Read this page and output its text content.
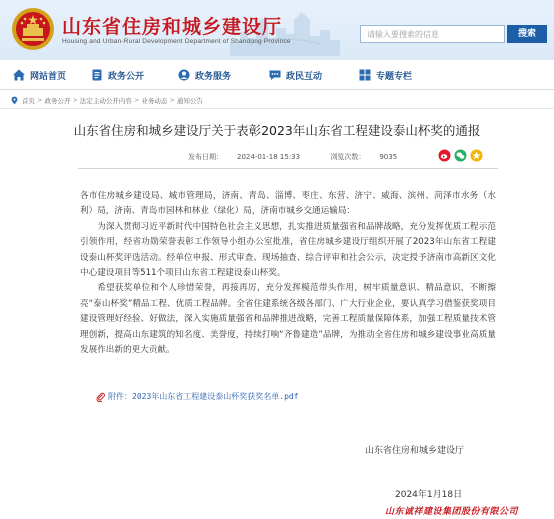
山东省住房和城乡建设厅
Housing and Urban-Rural Development Department of Shandong Province
请输入要搜索的信息	搜索
网站首页	政务公开	政务服务	政民互动	专题专栏
首页 > 政务公开 > 法定主动公开内容 > 业务动态 > 通知公告
山东省住房和城乡建设厅关于表彰2023年山东省工程建设泰山杯奖的通报
发布日期： 2024-01-18 15:33	浏览次数： 9035

各市住房城乡建设局、城市管理局，济南、青岛、淄博、枣庄、东营、济宁、威海、滨州、菏泽市水务（水利）局，济南、青岛市园林和林业（绿化）局，济南市城乡交通运输局：

为深入贯彻习近平新时代中国特色社会主义思想，扎实推进质量强省和品牌战略，充分发挥优质工程示范引领作用，经省功勋荣誉表彰工作领导小组办公室批准，省住房城乡建设厅组织开展了2023年山东省工程建设泰山杯奖评选活动。经单位申报、形式审查、现场抽查、综合评审和社会公示，决定授予济南市高新区文化中心建设项目等511个项目山东省工程建设泰山杯奖。

希望获奖单位和个人珍惜荣誉，再接再厉，充分发挥模范带头作用，树牢质量意识、精品意识，不断擦亮“泰山杯奖”精品工程、优质工程品牌。全省住建系统各级各部门、广大行业企业，要认真学习借鉴获奖项目建设管理好经验、好做法，深入实施质量强省和品牌推进战略，完善工程质量保障体系，加强工程质量技术管理创新，提高山东建筑的知名度、美誉度，持续打响“齐鲁建造”品牌，为推动全省住房和城乡建设事业高质量发展作出新的更大贡献。

附件：2023年山东省工程建设泰山杯奖获奖名单.pdf
山东省住房和城乡建设厅
2024年1月18日
山东诚祥建设集团股份有限公司
